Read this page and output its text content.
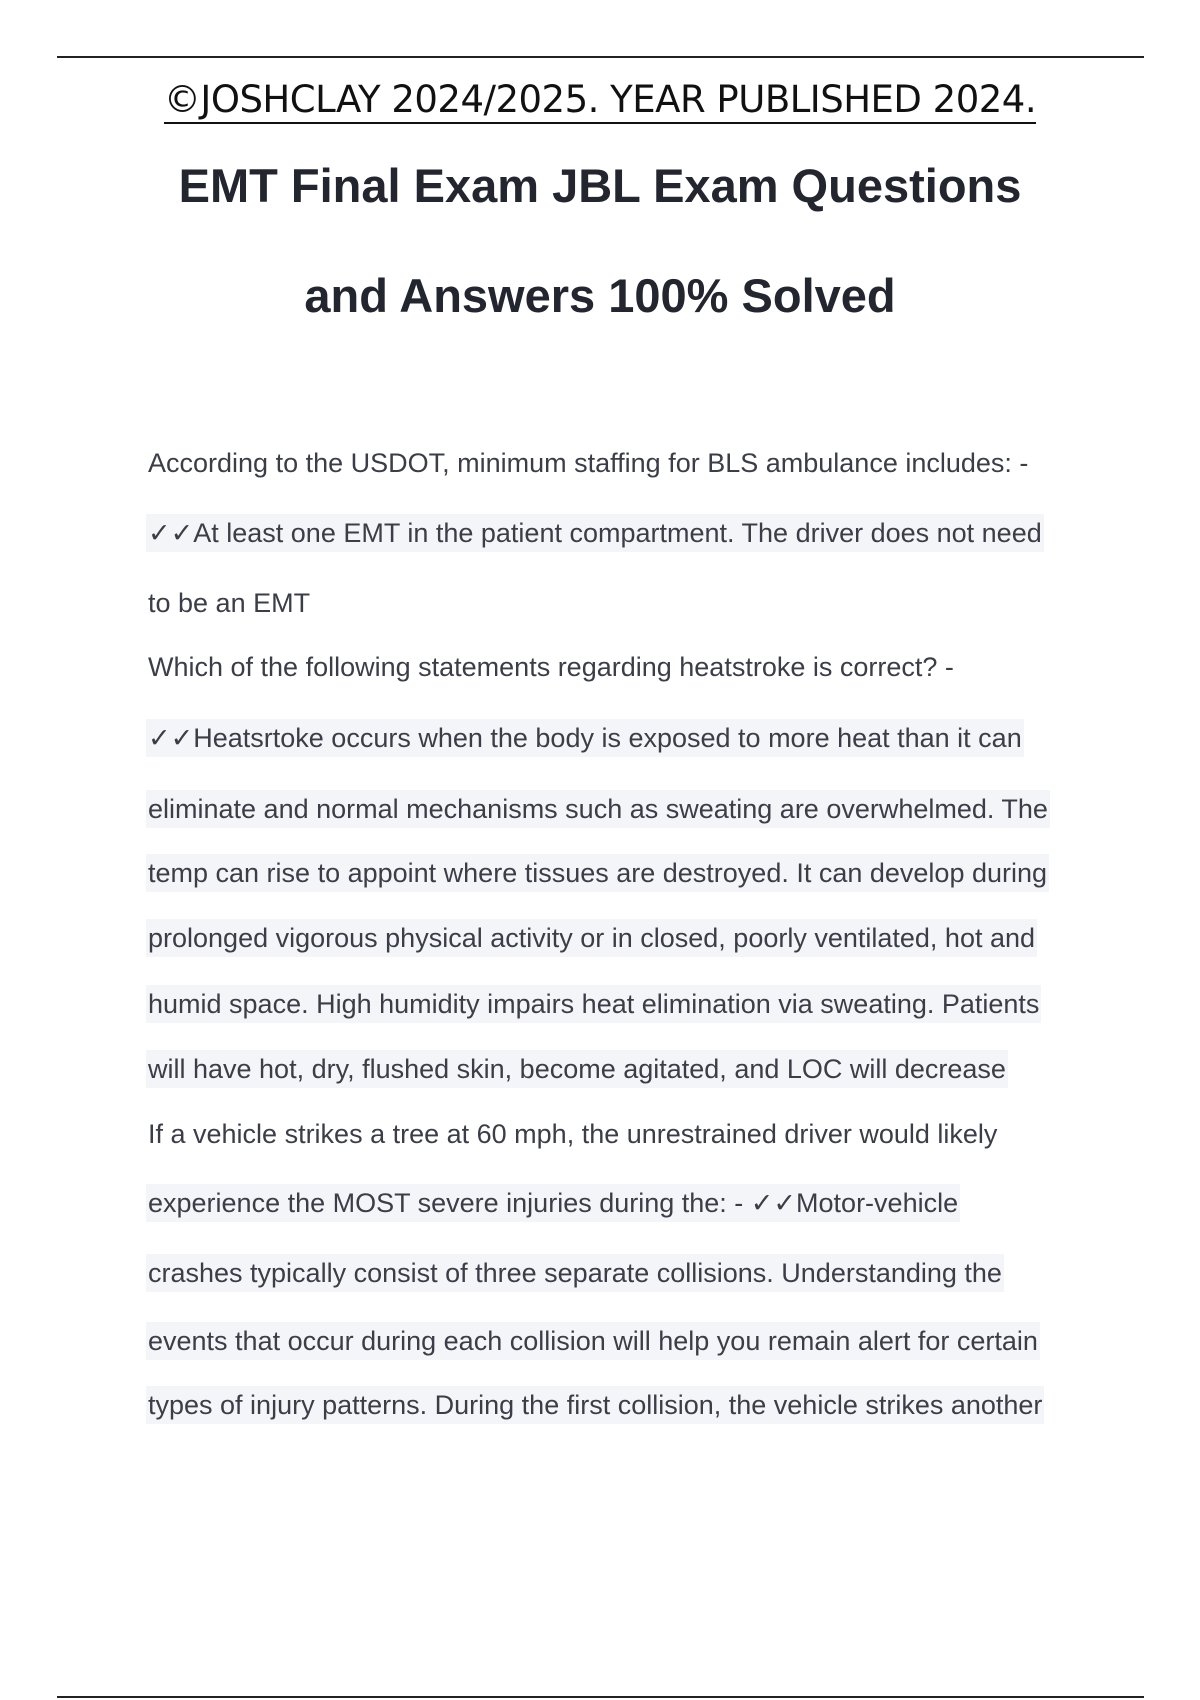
©JOSHCLAY 2024/2025. YEAR PUBLISHED 2024.
EMT Final Exam JBL Exam Questions
and Answers 100% Solved
According to the USDOT, minimum staffing for BLS ambulance includes: -
✓✓At least one EMT in the patient compartment. The driver does not need
to be an EMT
Which of the following statements regarding heatstroke is correct? -
✓✓Heatsrtoke occurs when the body is exposed to more heat than it can
eliminate and normal mechanisms such as sweating are overwhelmed. The
temp can rise to appoint where tissues are destroyed. It can develop during
prolonged vigorous physical activity or in closed, poorly ventilated, hot and
humid space. High humidity impairs heat elimination via sweating. Patients
will have hot, dry, flushed skin, become agitated, and LOC will decrease
If a vehicle strikes a tree at 60 mph, the unrestrained driver would likely
experience the MOST severe injuries during the: - ✓✓Motor-vehicle
crashes typically consist of three separate collisions. Understanding the
events that occur during each collision will help you remain alert for certain
types of injury patterns. During the first collision, the vehicle strikes another
